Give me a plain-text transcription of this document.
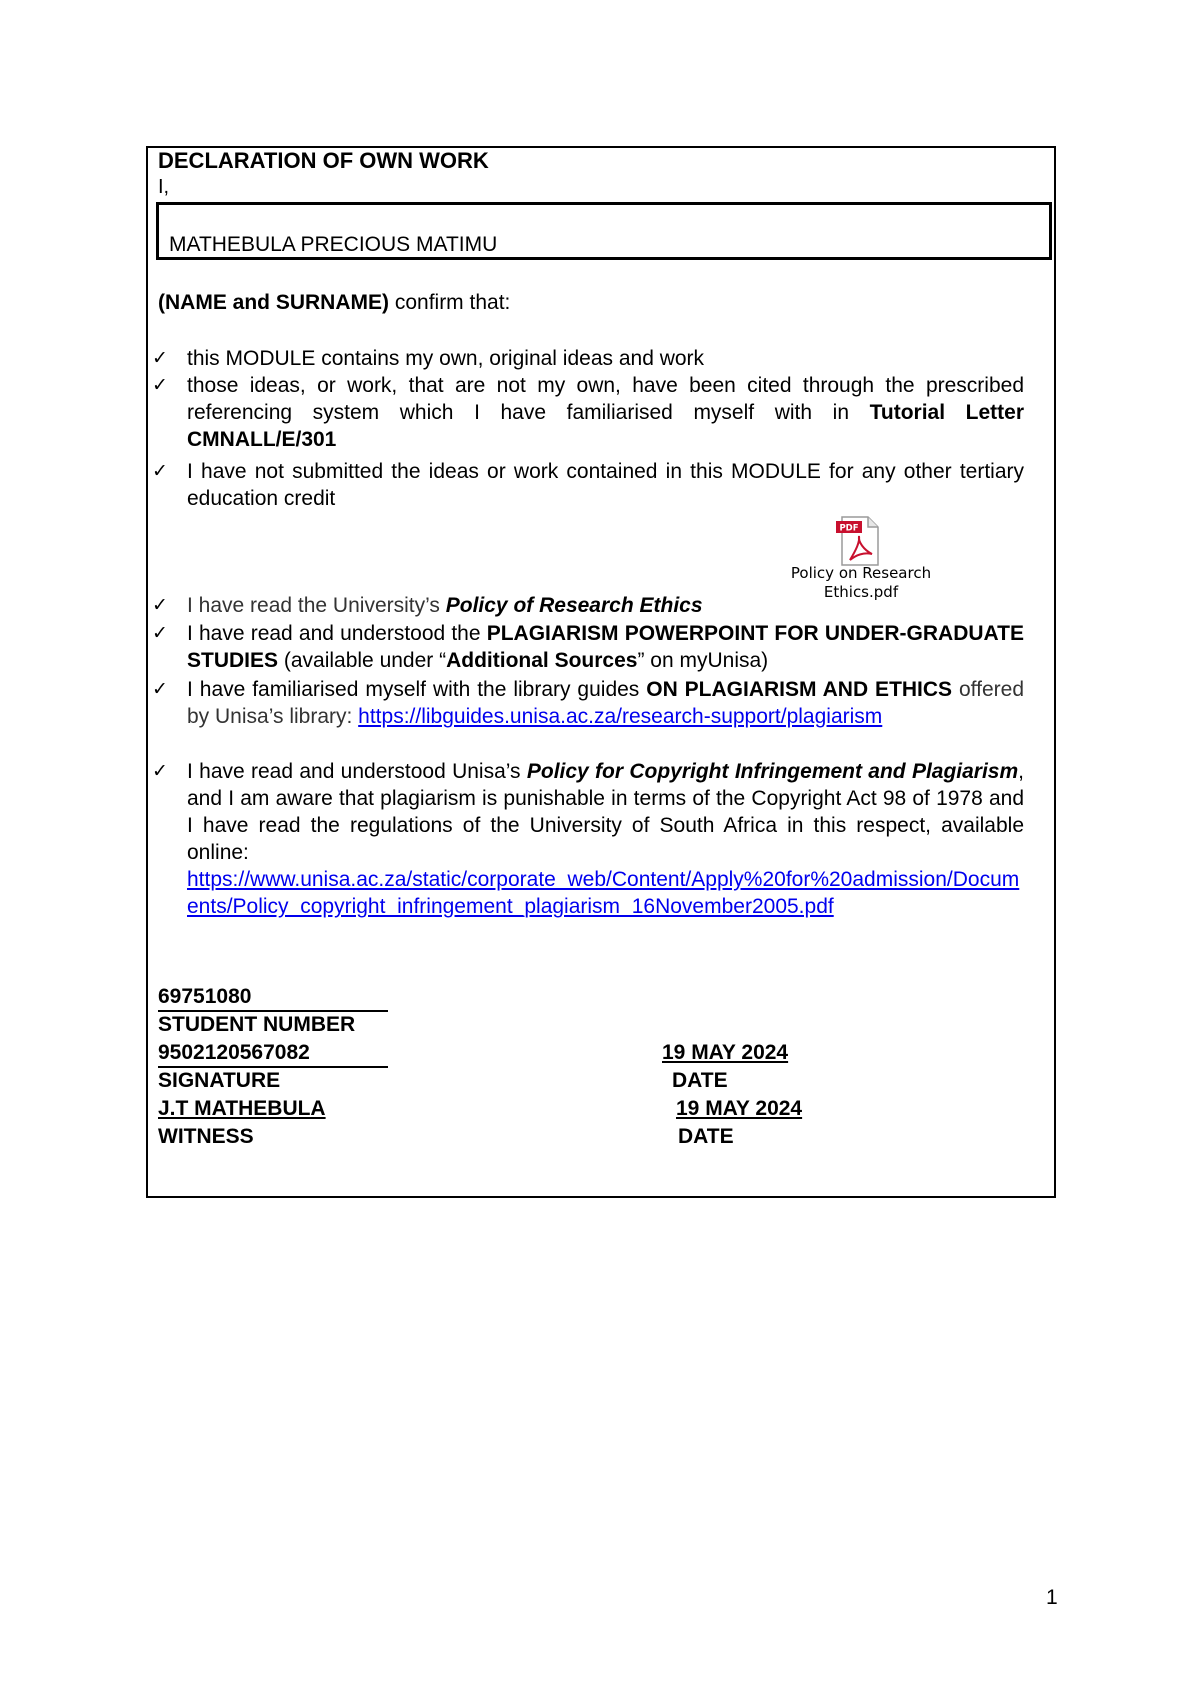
DECLARATION OF OWN WORK
I,
MATHEBULA PRECIOUS MATIMU
(NAME and SURNAME) confirm that:
✓ this MODULE contains my own, original ideas and work
✓ those ideas, or work, that are not my own, have been cited through the prescribed referencing system which I have familiarised myself with in Tutorial Letter CMNALL/E/301
✓ I have not submitted the ideas or work contained in this MODULE for any other tertiary education credit
PDF
Policy on Research Ethics.pdf
✓ I have read the University’s Policy of Research Ethics
✓ I have read and understood the PLAGIARISM POWERPOINT FOR UNDER-GRADUATE STUDIES (available under “Additional Sources” on myUnisa)
✓ I have familiarised myself with the library guides ON PLAGIARISM AND ETHICS offered by Unisa’s library: https://libguides.unisa.ac.za/research-support/plagiarism
✓ I have read and understood Unisa’s Policy for Copyright Infringement and Plagiarism, and I am aware that plagiarism is punishable in terms of the Copyright Act 98 of 1978 and I have read the regulations of the University of South Africa in this respect, available online:
https://www.unisa.ac.za/static/corporate_web/Content/Apply%20for%20admission/Documents/Policy_copyright_infringement_plagiarism_16November2005.pdf
69751080
STUDENT NUMBER
9502120567082	19 MAY 2024
SIGNATURE	DATE
J.T MATHEBULA	19 MAY 2024
WITNESS	DATE
1
